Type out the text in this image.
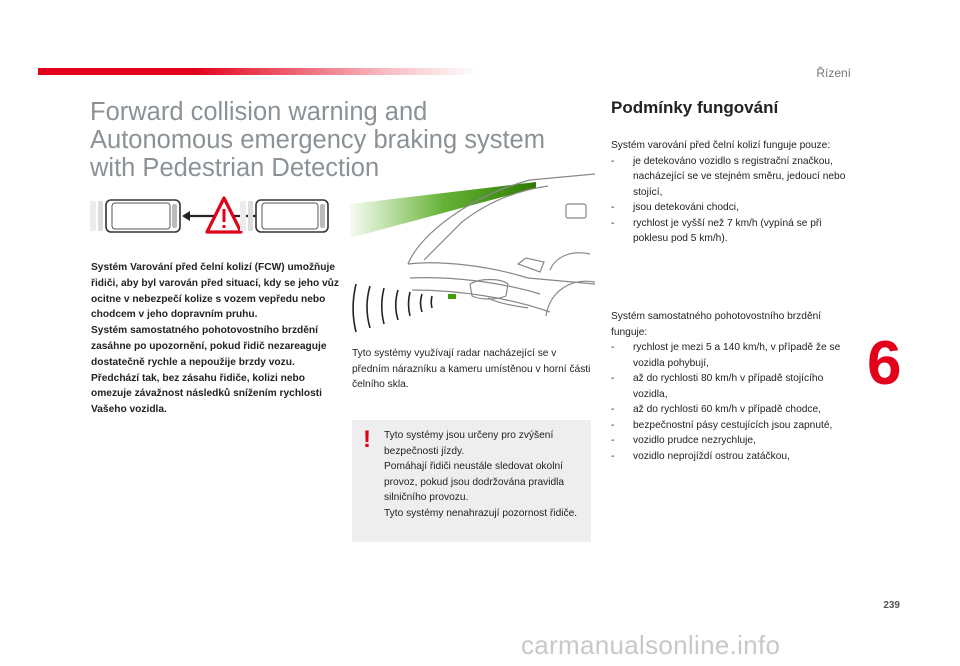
Řízení
Forward collision warning and
Autonomous emergency braking system
with Pedestrian Detection

Systém Varování před čelní kolizí (FCW) umožňuje řidiči, aby byl varován před situací, kdy se jeho vůz ocitne v nebezpečí kolize s vozem vepředu nebo chodcem v jeho dopravním pruhu.

Systém samostatného pohotovostního brzdění zasáhne po upozornění, pokud řidič nezareaguje dostatečně rychle a nepoužije brzdy vozu.

Předchází tak, bez zásahu řidiče, kolizi nebo omezuje závažnost následků snížením rychlosti Vašeho vozidla.

Tyto systémy využívají radar nacházející se v předním nárazníku a kameru umístěnou v horní části čelního skla.
! Tyto systémy jsou určeny pro zvýšení bezpečnosti jízdy.

Pomáhají řidiči neustále sledovat okolní provoz, pokud jsou dodržována pravidla silničního provozu.

Tyto systémy nenahrazují pozornost řidiče.

Podmínky fungování

Systém varování před čelní kolizí funguje pouze:

- je detekováno vozidlo s registrační značkou, nacházející se ve stejném směru, jedoucí nebo stojící,
- jsou detekováni chodci,
- rychlost je vyšší než 7 km/h (vypíná se při poklesu pod 5 km/h).

Systém samostatného pohotovostního brzdění funguje:

- rychlost je mezi 5 a 140 km/h, v případě že se vozidla pohybují,
- až do rychlosti 80 km/h v případě stojícího vozidla,
- až do rychlosti 60 km/h v případě chodce,
- bezpečnostní pásy cestujících jsou zapnuté,
- vozidlo prudce nezrychluje,
- vozidlo neprojíždí ostrou zatáčkou,
6
239
carmanualsonline.info
